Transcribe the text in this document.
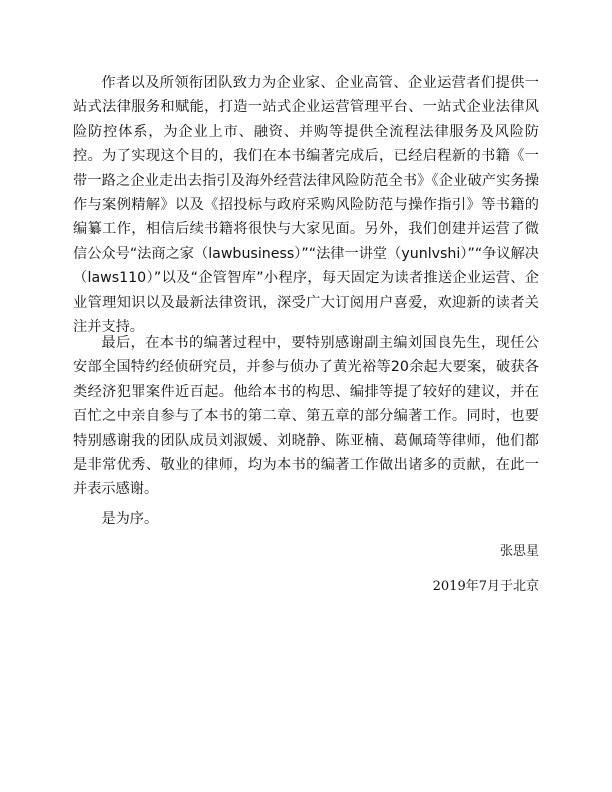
作者以及所领衔团队致力为企业家、企业高管、企业运营者们提供一站式法律服务和赋能，打造一站式企业运营管理平台、一站式企业法律风险防控体系，为企业上市、融资、并购等提供全流程法律服务及风险防控。为了实现这个目的，我们在本书编著完成后，已经启程新的书籍《一带一路之企业走出去指引及海外经营法律风险防范全书》《企业破产实务操作与案例精解》以及《招投标与政府采购风险防范与操作指引》等书籍的编纂工作，相信后续书籍将很快与大家见面。另外，我们创建并运营了微信公众号“法商之家（lawbusiness）”“法律一讲堂（yunlvshi）”“争议解决（laws110）”以及“企管智库”小程序，每天固定为读者推送企业运营、企业管理知识以及最新法律资讯，深受广大订阅用户喜爱，欢迎新的读者关注并支持。

最后，在本书的编著过程中，要特别感谢副主编刘国良先生，现任公安部全国特约经侦研究员，并参与侦办了黄光裕等20余起大要案，破获各类经济犯罪案件近百起。他给本书的构思、编排等提了较好的建议，并在百忙之中亲自参与了本书的第二章、第五章的部分编著工作。同时，也要特别感谢我的团队成员刘淑媛、刘晓静、陈亚楠、葛佩琦等律师，他们都是非常优秀、敬业的律师，均为本书的编著工作做出诸多的贡献，在此一并表示感谢。

是为序。

张思星

2019年7月于北京
